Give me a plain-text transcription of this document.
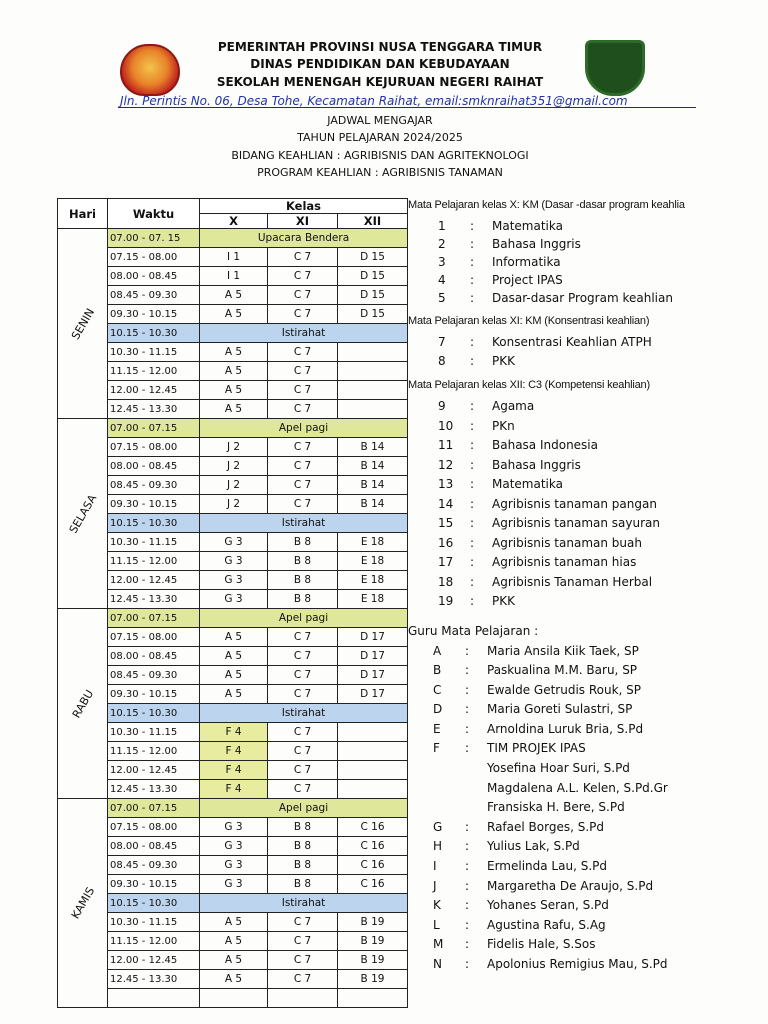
PEMERINTAH PROVINSI NUSA TENGGARA TIMUR
DINAS PENDIDIKAN DAN KEBUDAYAAN
SEKOLAH MENENGAH KEJURUAN NEGERI RAIHAT
Jln. Perintis No. 06, Desa Tohe, Kecamatan Raihat, email:smknraihat351@gmail.com
JADWAL MENGAJAR
TAHUN PELAJARAN 2024/2025
BIDANG KEAHLIAN : AGRIBISNIS DAN AGRITEKNOLOGI
PROGRAM KEAHLIAN : AGRIBISNIS TANAMAN
Hari	Waktu	Kelas		
		X	XI	XII

SENIN	07.00 - 07. 15	Upacara Bendera		
	07.15 - 08.00	I 1	C 7	D 15
	08.00 - 08.45	I 1	C 7	D 15
	08.45 - 09.30	A 5	C 7	D 15
	09.30 - 10.15	A 5	C 7	D 15
	10.15 - 10.30	Istirahat		
	10.30 - 11.15	A 5	C 7	
	11.15 - 12.00	A 5	C 7	
	12.00 - 12.45	A 5	C 7	
	12.45 - 13.30	A 5	C 7	

SELASA	07.00 - 07.15	Apel pagi		
	07.15 - 08.00	J 2	C 7	B 14
	08.00 - 08.45	J 2	C 7	B 14
	08.45 - 09.30	J 2	C 7	B 14
	09.30 - 10.15	J 2	C 7	B 14
	10.15 - 10.30	Istirahat		
	10.30 - 11.15	G 3	B 8	E 18
	11.15 - 12.00	G 3	B 8	E 18
	12.00 - 12.45	G 3	B 8	E 18
	12.45 - 13.30	G 3	B 8	E 18

RABU	07.00 - 07.15	Apel pagi		
	07.15 - 08.00	A 5	C 7	D 17
	08.00 - 08.45	A 5	C 7	D 17
	08.45 - 09.30	A 5	C 7	D 17
	09.30 - 10.15	A 5	C 7	D 17
	10.15 - 10.30	Istirahat		
	10.30 - 11.15	F 4	C 7	
	11.15 - 12.00	F 4	C 7	
	12.00 - 12.45	F 4	C 7	
	12.45 - 13.30	F 4	C 7	

KAMIS	07.00 - 07.15	Apel pagi		
	07.15 - 08.00	G 3	B 8	C 16
	08.00 - 08.45	G 3	B 8	C 16
	08.45 - 09.30	G 3	B 8	C 16
	09.30 - 10.15	G 3	B 8	C 16
	10.15 - 10.30	Istirahat		
	10.30 - 11.15	A 5	C 7	B 19
	11.15 - 12.00	A 5	C 7	B 19
	12.00 - 12.45	A 5	C 7	B 19
	12.45 - 13.30	A 5	C 7	B 19

Mata Pelajaran kelas X: KM (Dasar -dasar program keahlia
1 : Matematika
2 : Bahasa Inggris
3 : Informatika
4 : Project IPAS
5 : Dasar-dasar Program keahlian
Mata Pelajaran kelas XI: KM (Konsentrasi keahlian)
7 : Konsentrasi Keahlian ATPH
8 : PKK
Mata Pelajaran kelas XII: C3 (Kompetensi keahlian)
9 : Agama
10 : PKn
11 : Bahasa Indonesia
12 : Bahasa Inggris
13 : Matematika
14 : Agribisnis tanaman pangan
15 : Agribisnis tanaman sayuran
16 : Agribisnis tanaman buah
17 : Agribisnis tanaman hias
18 : Agribisnis Tanaman Herbal
19 : PKK
Guru Mata Pelajaran :
A : Maria Ansila Kiik Taek, SP
B : Paskualina M.M. Baru, SP
C : Ewalde Getrudis Rouk, SP
D : Maria Goreti Sulastri, SP
E : Arnoldina Luruk Bria, S.Pd
F : TIM PROJEK IPAS
Yosefina Hoar Suri, S.Pd
Magdalena A.L. Kelen, S.Pd.Gr
Fransiska H. Bere, S.Pd
G : Rafael Borges, S.Pd
H : Yulius Lak, S.Pd
I : Ermelinda Lau, S.Pd
J : Margaretha De Araujo, S.Pd
K : Yohanes Seran, S.Pd
L : Agustina Rafu, S.Ag
M : Fidelis Hale, S.Sos
N : Apolonius Remigius Mau, S.Pd
